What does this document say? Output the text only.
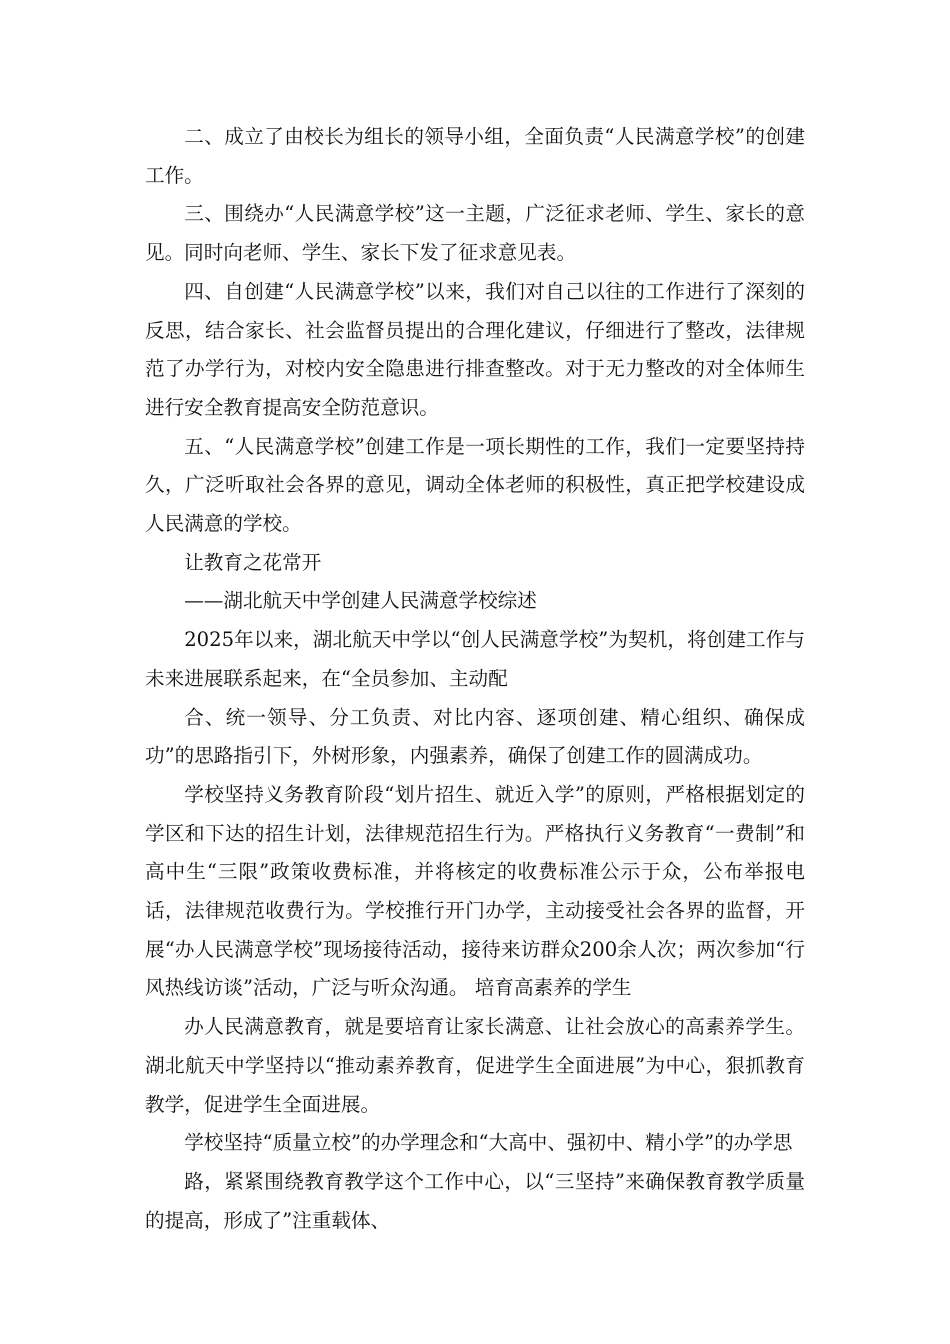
二、成立了由校长为组长的领导小组，全面负责“人民满意学校”的创建工作。

三、围绕办“人民满意学校”这一主题，广泛征求老师、学生、家长的意见。同时向老师、学生、家长下发了征求意见表。

四、自创建“人民满意学校”以来，我们对自己以往的工作进行了深刻的反思，结合家长、社会监督员提出的合理化建议，仔细进行了整改，法律规范了办学行为，对校内安全隐患进行排查整改。对于无力整改的对全体师生进行安全教育提高安全防范意识。

五、“人民满意学校”创建工作是一项长期性的工作，我们一定要坚持持久，广泛听取社会各界的意见，调动全体老师的积极性，真正把学校建设成人民满意的学校。

让教育之花常开

——湖北航天中学创建人民满意学校综述

2025年以来，湖北航天中学以“创人民满意学校”为契机，将创建工作与未来进展联系起来，在“全员参加、主动配

合、统一领导、分工负责、对比内容、逐项创建、精心组织、确保成功”的思路指引下，外树形象，内强素养，确保了创建工作的圆满成功。

学校坚持义务教育阶段“划片招生、就近入学”的原则，严格根据划定的学区和下达的招生计划，法律规范招生行为。严格执行义务教育“一费制”和高中生“三限”政策收费标准，并将核定的收费标准公示于众，公布举报电话，法律规范收费行为。学校推行开门办学，主动接受社会各界的监督，开展“办人民满意学校”现场接待活动，接待来访群众200余人次；两次参加“行风热线访谈”活动，广泛与听众沟通。 培育高素养的学生

办人民满意教育，就是要培育让家长满意、让社会放心的高素养学生。湖北航天中学坚持以“推动素养教育，促进学生全面进展”为中心，狠抓教育教学，促进学生全面进展。

学校坚持“质量立校”的办学理念和“大高中、强初中、精小学”的办学思

路，紧紧围绕教育教学这个工作中心，以“三坚持”来确保教育教学质量的提高，形成了”注重载体、
